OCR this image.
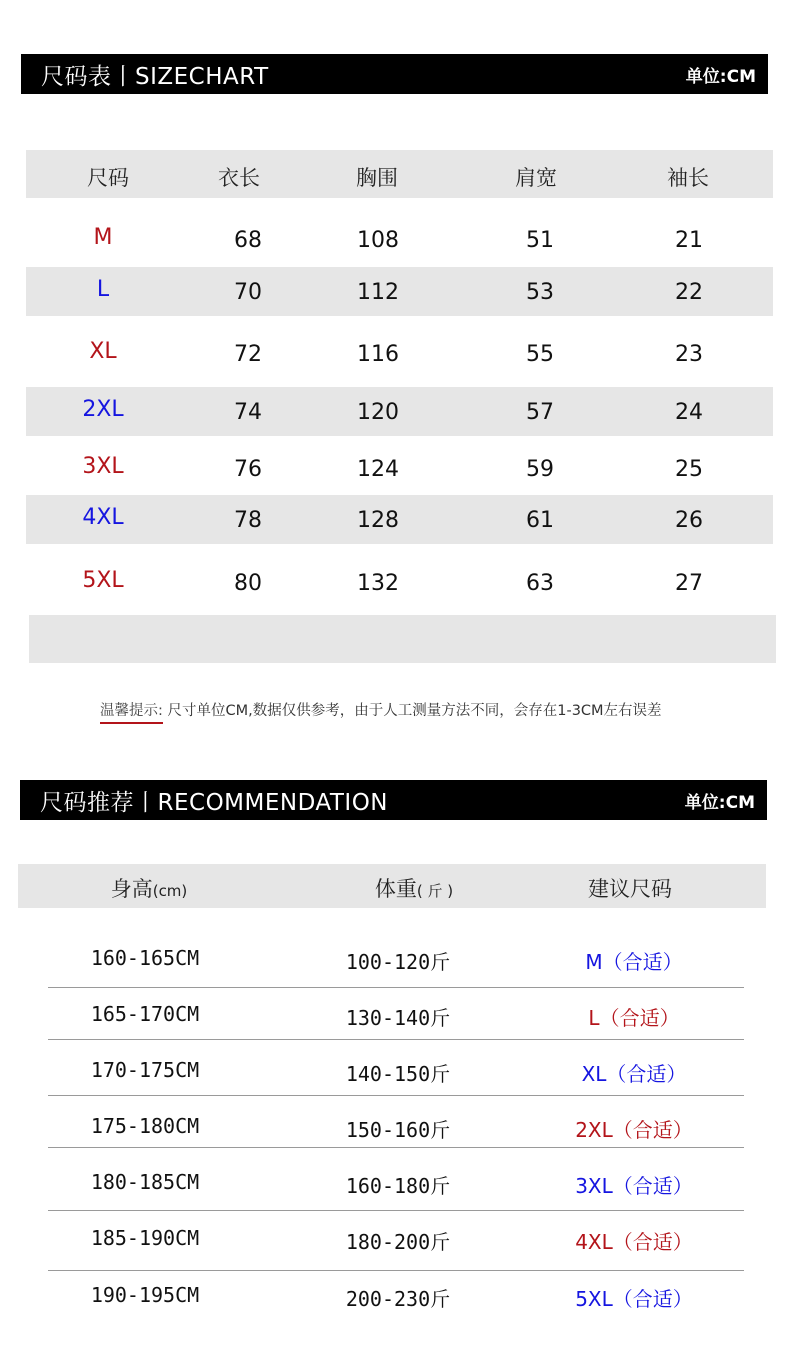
尺码表丨SIZECHART	单位:CM
尺码	衣长	胸围	肩宽	袖长
M	68	108	51	21
L	70	112	53	22
XL	72	116	55	23
2XL	74	120	57	24
3XL	76	124	59	25
4XL	78	128	61	26
5XL	80	132	63	27
温馨提示: 尺寸单位CM,数据仅供参考，由于人工测量方法不同，会存在1-3CM左右误差
尺码推荐丨RECOMMENDATION	单位:CM
身高(cm)	体重( 斤 )	建议尺码
160-165CM	100-120斤	M（合适）
165-170CM	130-140斤	L（合适）
170-175CM	140-150斤	XL（合适）
175-180CM	150-160斤	2XL（合适）
180-185CM	160-180斤	3XL（合适）
185-190CM	180-200斤	4XL（合适）
190-195CM	200-230斤	5XL（合适）
